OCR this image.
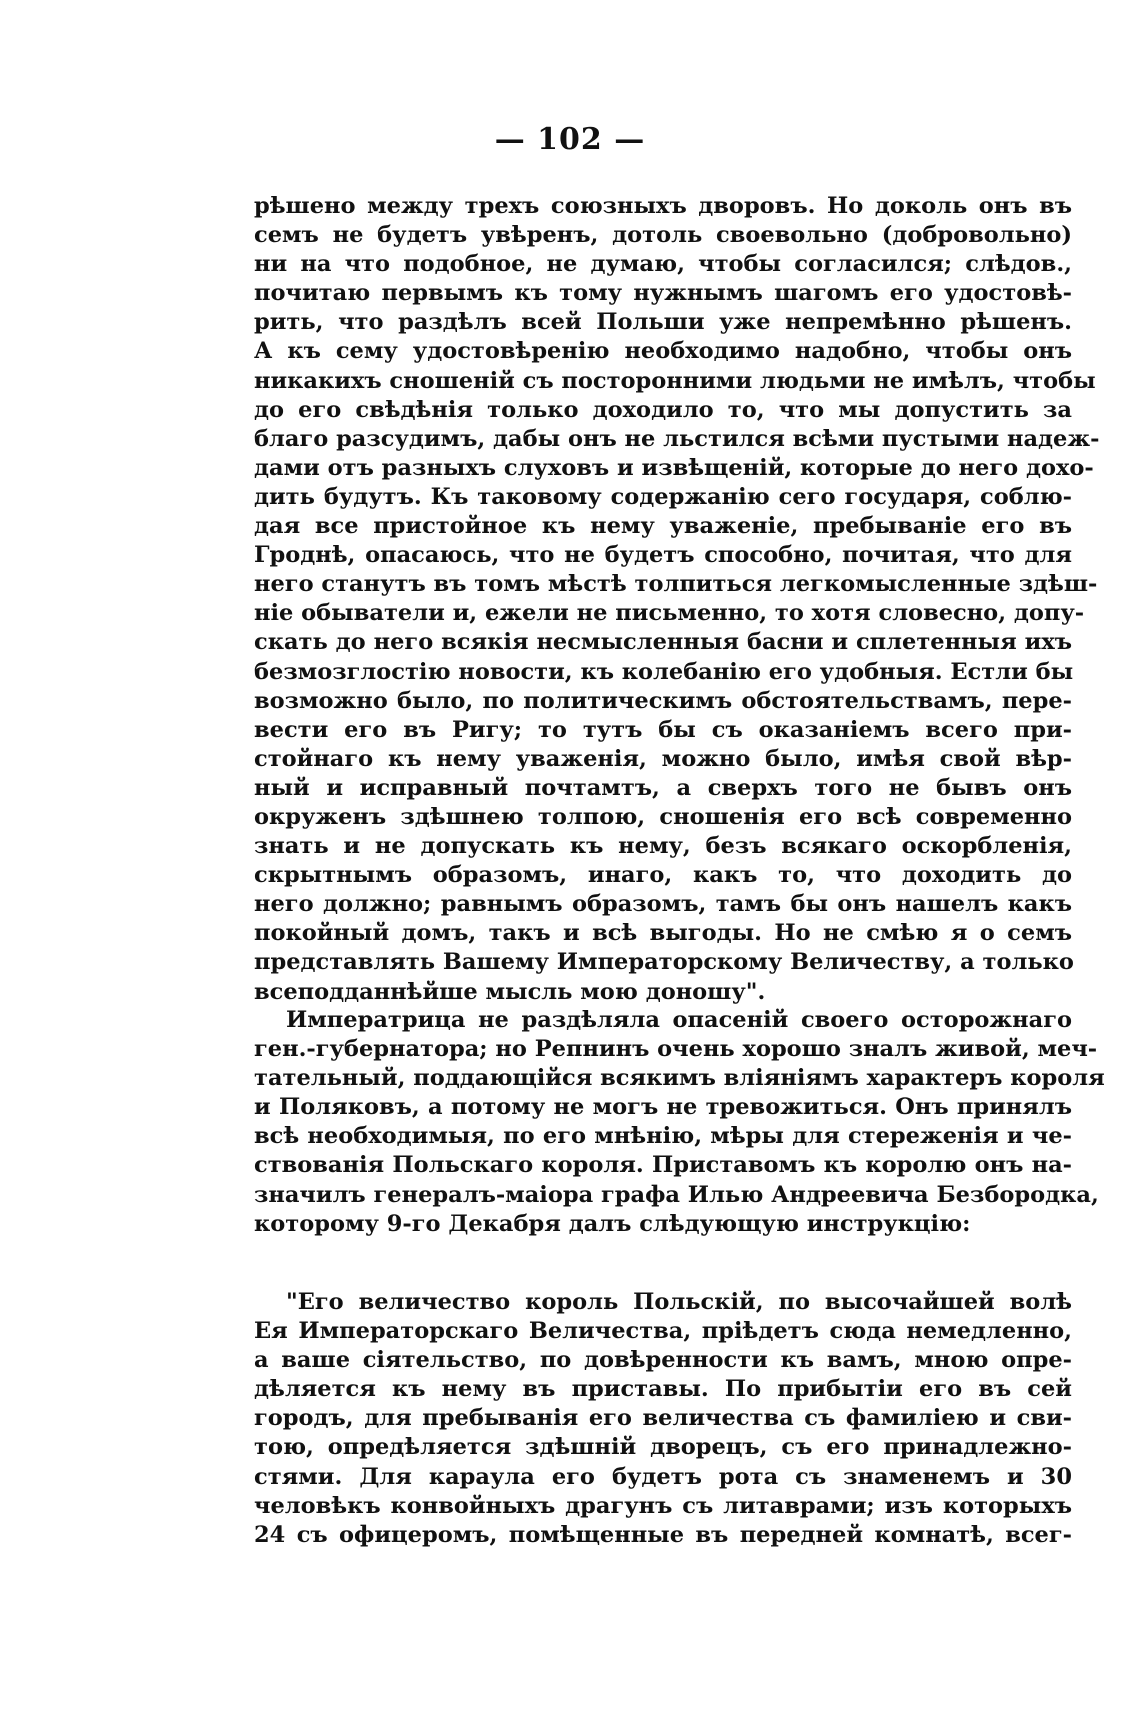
— 102 —
рѣшено между трехъ союзныхъ дворовъ. Но доколь онъ въ
семъ не будетъ увѣренъ, дотоль своевольно (добровольно)
ни на что подобное, не думаю, чтобы согласился; слѣдов.,
почитаю первымъ къ тому нужнымъ шагомъ его удостовѣ-
рить, что раздѣлъ всей Польши уже непремѣнно рѣшенъ.
А къ сему удостовѣренію необходимо надобно, чтобы онъ
никакихъ сношеній съ посторонними людьми не имѣлъ, чтобы
до его свѣдѣнія только доходило то, что мы допустить за
благо разсудимъ, дабы онъ не льстился всѣми пустыми надеж-
дами отъ разныхъ слуховъ и извѣщеній, которые до него дохо-
дить будутъ. Къ таковому содержанію сего государя, соблю-
дая все пристойное къ нему уваженіе, пребываніе его въ
Гроднѣ, опасаюсь, что не будетъ способно, почитая, что для
него станутъ въ томъ мѣстѣ толпиться легкомысленные здѣш-
ніе обыватели и, ежели не письменно, то хотя словесно, допу-
скать до него всякія несмысленныя басни и сплетенныя ихъ
безмозглостію новости, къ колебанію его удобныя. Естли бы
возможно было, по политическимъ обстоятельствамъ, пере-
вести его въ Ригу; то тутъ бы съ оказаніемъ всего при-
стойнаго къ нему уваженія, можно было, имѣя свой вѣр-
ный и исправный почтамтъ, а сверхъ того не бывъ онъ
окруженъ здѣшнею толпою, сношенія его всѣ современно
знать и не допускать къ нему, безъ всякаго оскорбленія,
скрытнымъ образомъ, инаго, какъ то, что доходить до
него должно; равнымъ образомъ, тамъ бы онъ нашелъ какъ
покойный домъ, такъ и всѣ выгоды. Но не смѣю я о семъ
представлять Вашему Императорскому Величеству, а только
всеподданнѣйше мысль мою доношу".
Императрица не раздѣляла опасеній своего осторожнаго
ген.-губернатора; но Репнинъ очень хорошо зналъ живой, меч-
тательный, поддающійся всякимъ вліяніямъ характеръ короля
и Поляковъ, а потому не могъ не тревожиться. Онъ принялъ
всѣ необходимыя, по его мнѣнію, мѣры для стереженія и че-
ствованія Польскаго короля. Приставомъ къ королю онъ на-
значилъ генералъ-маіора графа Илью Андреевича Безбородка,
которому 9-го Декабря далъ слѣдующую инструкцію:
"Его величество король Польскій, по высочайшей волѣ
Ея Императорскаго Величества, пріѣдетъ сюда немедленно,
а ваше сіятельство, по довѣренности къ вамъ, мною опре-
дѣляется къ нему въ приставы. По прибытіи его въ сей
городъ, для пребыванія его величества съ фамиліею и сви-
тою, опредѣляется здѣшній дворецъ, съ его принадлежно-
стями. Для караула его будетъ рота съ знаменемъ и 30
человѣкъ конвойныхъ драгунъ съ литаврами; изъ которыхъ
24 съ офицеромъ, помѣщенные въ передней комнатѣ, всег-
